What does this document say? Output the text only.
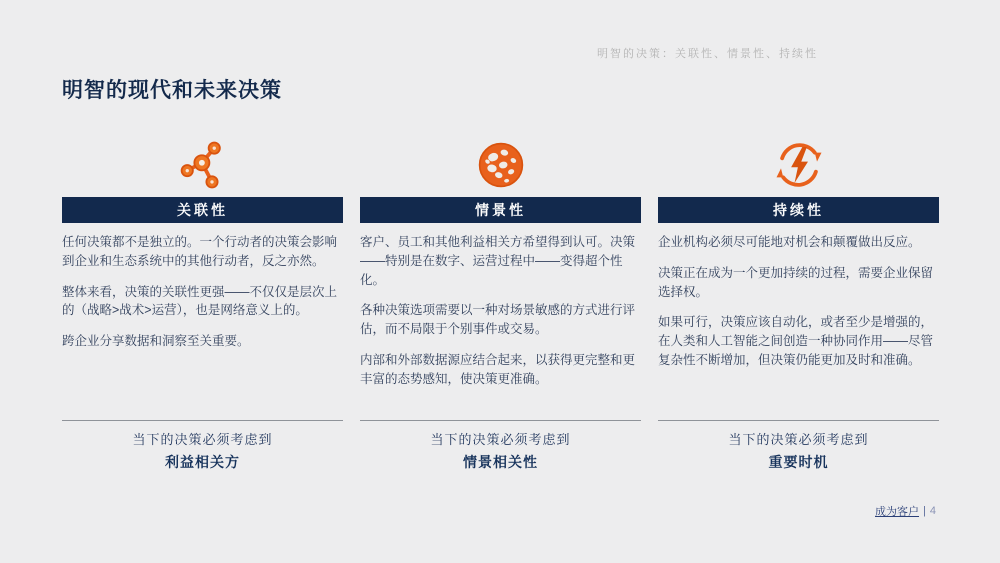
明智的决策：关联性、情景性、持续性
明智的现代和未来决策
关联性

任何决策都不是独立的。一个行动者的决策会影响到企业和生态系统中的其他行动者，反之亦然。

整体来看，决策的关联性更强——不仅仅是层次上的（战略>战术>运营），也是网络意义上的。

跨企业分享数据和洞察至关重要。

当下的决策必须考虑到
利益相关方
情景性

客户、员工和其他利益相关方希望得到认可。决策——特别是在数字、运营过程中——变得超个性化。

各种决策选项需要以一种对场景敏感的方式进行评估，而不局限于个别事件或交易。

内部和外部数据源应结合起来，以获得更完整和更丰富的态势感知，使决策更准确。

当下的决策必须考虑到
情景相关性
持续性

企业机构必须尽可能地对机会和颠覆做出反应。

决策正在成为一个更加持续的过程，需要企业保留选择权。

如果可行，决策应该自动化，或者至少是增强的，在人类和人工智能之间创造一种协同作用——尽管复杂性不断增加，但决策仍能更加及时和准确。

当下的决策必须考虑到
重要时机
成为客户 | 4
